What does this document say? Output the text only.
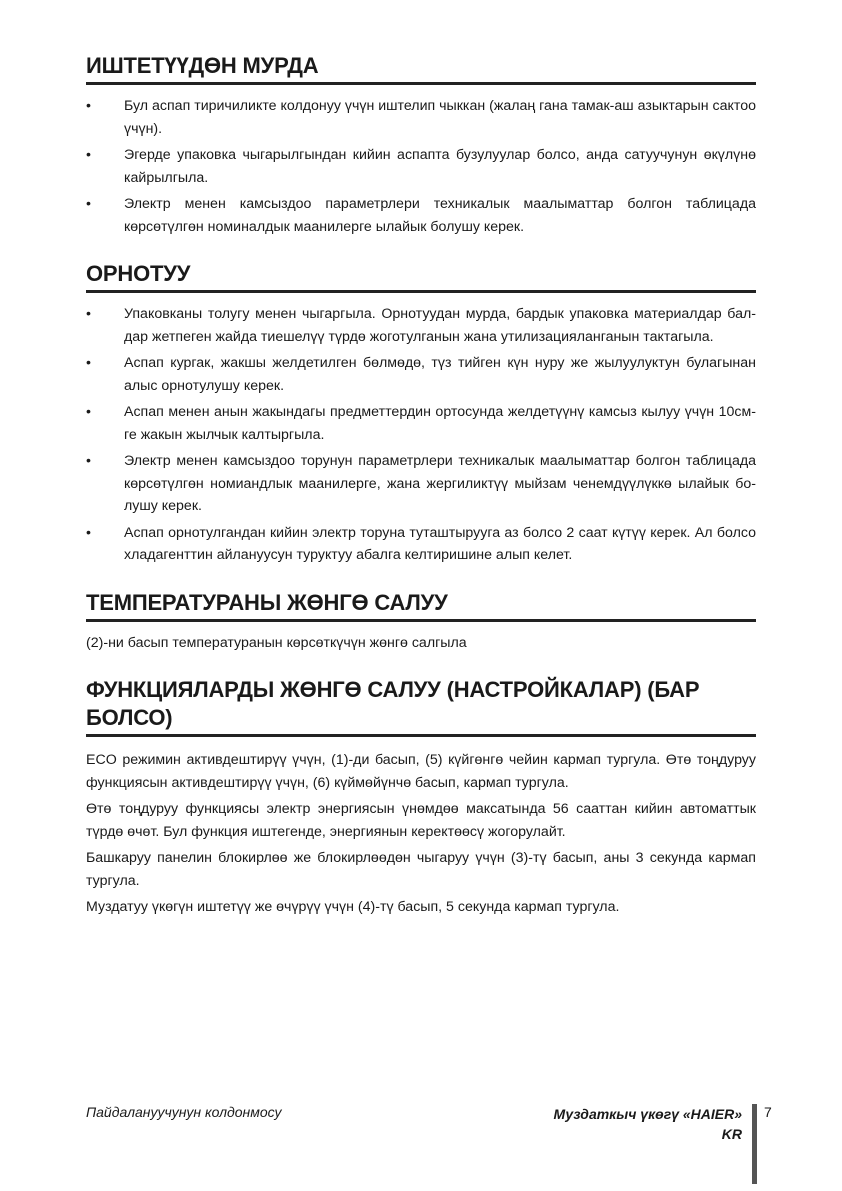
ИШТЕТҮҮДӨН МУРДА
• Бул аспап тиричиликте колдонуу үчүн иштелип чыккан (жалаң гана тамак-аш азыктарын сактоо үчүн).
• Эгерде упаковка чыгарылгындан кийин аспапта бузулуулар болсо, анда сатуучунун өкүлүнө кайрылгыла.
• Электр менен камсыздоо параметрлери техникалык маалыматтар болгон таблицада көрсөтүлгөн номиналдык маанилерге ылайык болушу керек.
ОРНОТУУ
• Упаковканы толугу менен чыгаргыла. Орнотуудан мурда, бардык упаковка материалдар бал-дар жетпеген жайда тиешелүү түрдө жоготулганын жана утилизацияланганын тактагыла.
• Аспап кургак, жакшы желдетилген бөлмөдө, түз тийген күн нуру же жылуулуктун булагынан алыс орнотулушу керек.
• Аспап менен анын жакындагы предметтердин ортосунда желдетүүнү камсыз кылуу үчүн 10см-ге жакын жылчык калтыргыла.
• Электр менен камсыздоо торунун параметрлери техникалык маалыматтар болгон таблицада көрсөтүлгөн номиандлык маанилерге, жана жергиликтүү мыйзам ченемдүүлүккө ылайык бо-лушу керек.
• Аспап орнотулгандан кийин электр торуна туташтырууга аз болсо 2 саат күтүү керек. Ал болсо хладагенттин айлануусун туруктуу абалга келтиришине алып келет.
ТЕМПЕРАТУРАНЫ ЖӨНГӨ САЛУУ

(2)-ни басып температуранын көрсөткүчүн жөнгө салгыла

ФУНКЦИЯЛАРДЫ ЖӨНГӨ САЛУУ (НАСТРОЙКАЛАР) (БАР БОЛСО)

ECO режимин активдештирүү үчүн, (1)-ди басып, (5) күйгөнгө чейин кармап тургула. Өтө тоңдуруу функциясын активдештирүү үчүн, (6) күймөйүнчө басып, кармап тургула.

Өтө тоңдуруу функциясы электр энергиясын үнөмдөө максатында 56 сааттан кийин автоматтык түрдө өчөт. Бул функция иштегенде, энергиянын керектөөсү жогорулайт.

Башкаруу панелин блокирлөө же блокирлөөдөн чыгаруу үчүн (3)-тү басып, аны 3 секунда кармап тургула.

Муздатуу үкөгүн иштетүү же өчүрүү үчүн (4)-тү басып, 5 секунда кармап тургула.

Пайдалануучунун колдонмосу	Муздаткыч үкөгү «HAIER»
KR
7
